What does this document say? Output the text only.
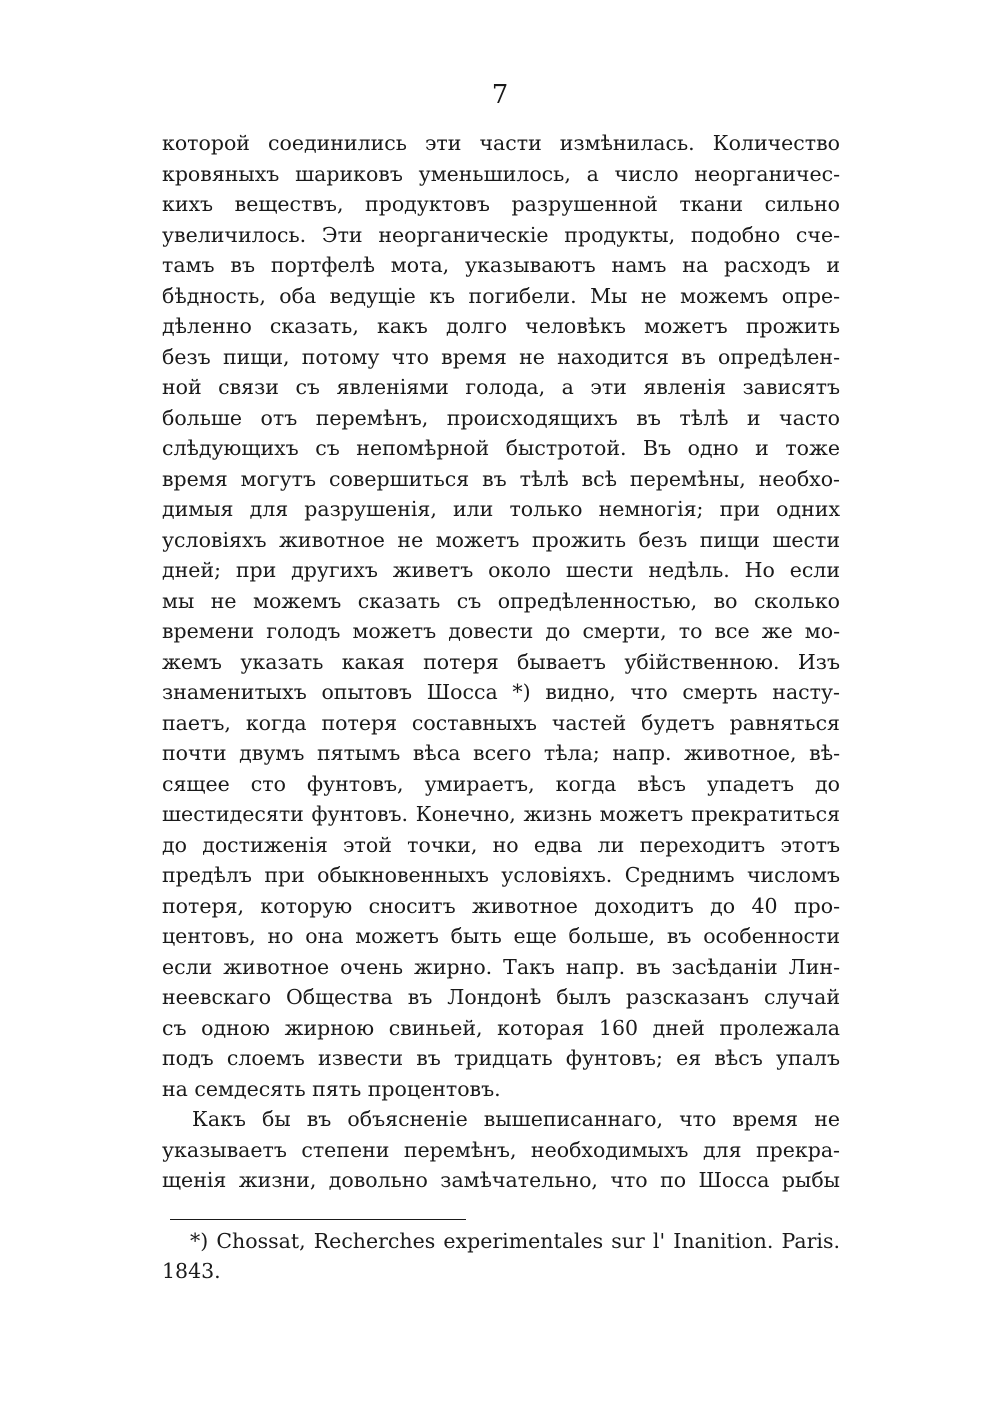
7
которой соединились эти части измѣнилась. Количество
кровяныхъ шариковъ уменьшилось, а число неорганичес-
кихъ веществъ, продуктовъ разрушенной ткани сильно
увеличилось. Эти неорганическіе продукты, подобно сче-
тамъ въ портфелѣ мота, указываютъ намъ на расходъ и
бѣдность, оба ведущіе къ погибели. Мы не можемъ опре-
дѣленно сказать, какъ долго человѣкъ можетъ прожить
безъ пищи, потому что время не находится въ опредѣлен-
ной связи съ явленіями голода, а эти явленія зависятъ
больше отъ перемѣнъ, происходящихъ въ тѣлѣ и часто
слѣдующихъ съ непомѣрной быстротой. Въ одно и тоже
время могутъ совершиться въ тѣлѣ всѣ перемѣны, необхо-
димыя для разрушенія, или только немногія; при одних
условіяхъ животное не можетъ прожить безъ пищи шести
дней; при другихъ живетъ около шести недѣль. Но если
мы не можемъ сказать съ опредѣленностью, во сколько
времени голодъ можетъ довести до смерти, то все же мо-
жемъ указать какая потеря бываетъ убійственною. Изъ
знаменитыхъ опытовъ Шосса *) видно, что смерть насту-
паетъ, когда потеря составныхъ частей будетъ равняться
почти двумъ пятымъ вѣса всего тѣла; напр. животное, вѣ-
сящее сто фунтовъ, умираетъ, когда вѣсъ упадетъ до
шестидесяти фунтовъ. Конечно, жизнь можетъ прекратиться
до достиженія этой точки, но едва ли переходитъ этотъ
предѣлъ при обыкновенныхъ условіяхъ. Среднимъ числомъ
потеря, которую сноситъ животное доходитъ до 40 про-
центовъ, но она можетъ быть еще больше, въ особенности
если животное очень жирно. Такъ напр. въ засѣданіи Лин-
неевскаго Общества въ Лондонѣ былъ разсказанъ случай
съ одною жирною свиньей, которая 160 дней пролежала
подъ слоемъ извести въ тридцать фунтовъ; ея вѣсъ упалъ
на семдесять пять процентовъ.
Какъ бы въ объясненіе вышеписаннаго, что время не
указываетъ степени перемѣнъ, необходимыхъ для прекра-
щенія жизни, довольно замѣчательно, что по Шосса рыбы
*) Chossat, Recherches experimentales sur l' Inanition. Paris.
1843.
